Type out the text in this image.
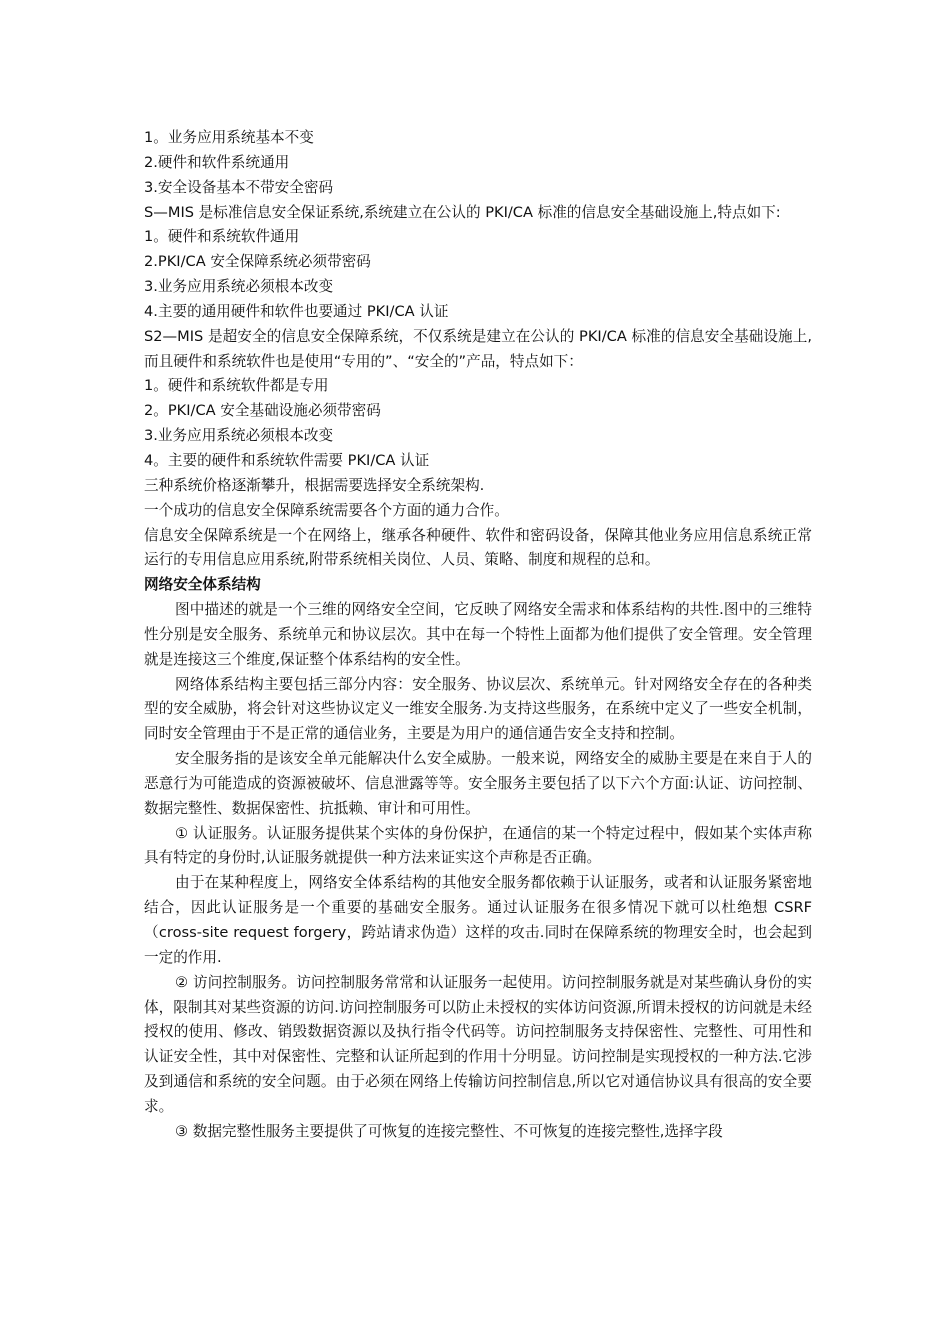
1。业务应用系统基本不变
2.硬件和软件系统通用
3.安全设备基本不带安全密码
S—MIS 是标准信息安全保证系统,系统建立在公认的 PKI/CA 标准的信息安全基础设施上,特点如下:
1。硬件和系统软件通用
2.PKI/CA 安全保障系统必须带密码
3.业务应用系统必须根本改变
4.主要的通用硬件和软件也要通过 PKI/CA 认证
S2—MIS 是超安全的信息安全保障系统，不仅系统是建立在公认的 PKI/CA 标准的信息安全基础设施上,而且硬件和系统软件也是使用“专用的”、“安全的”产品，特点如下：
1。硬件和系统软件都是专用
2。PKI/CA 安全基础设施必须带密码
3.业务应用系统必须根本改变
4。主要的硬件和系统软件需要 PKI/CA 认证
三种系统价格逐渐攀升，根据需要选择安全系统架构.
一个成功的信息安全保障系统需要各个方面的通力合作。
信息安全保障系统是一个在网络上，继承各种硬件、软件和密码设备，保障其他业务应用信息系统正常运行的专用信息应用系统,附带系统相关岗位、人员、策略、制度和规程的总和。
网络安全体系结构
图中描述的就是一个三维的网络安全空间，它反映了网络安全需求和体系结构的共性.图中的三维特性分别是安全服务、系统单元和协议层次。其中在每一个特性上面都为他们提供了安全管理。安全管理就是连接这三个维度,保证整个体系结构的安全性。
网络体系结构主要包括三部分内容：安全服务、协议层次、系统单元。针对网络安全存在的各种类型的安全威胁，将会针对这些协议定义一维安全服务.为支持这些服务，在系统中定义了一些安全机制，同时安全管理由于不是正常的通信业务，主要是为用户的通信通告安全支持和控制。
安全服务指的是该安全单元能解决什么安全威胁。一般来说，网络安全的威胁主要是在来自于人的恶意行为可能造成的资源被破坏、信息泄露等等。安全服务主要包括了以下六个方面:认证、访问控制、数据完整性、数据保密性、抗抵赖、审计和可用性。
① 认证服务。认证服务提供某个实体的身份保护，在通信的某一个特定过程中，假如某个实体声称具有特定的身份时,认证服务就提供一种方法来证实这个声称是否正确。
由于在某种程度上，网络安全体系结构的其他安全服务都依赖于认证服务，或者和认证服务紧密地结合，因此认证服务是一个重要的基础安全服务。通过认证服务在很多情况下就可以杜绝想 CSRF（cross-site request forgery，跨站请求伪造）这样的攻击.同时在保障系统的物理安全时，也会起到一定的作用.
② 访问控制服务。访问控制服务常常和认证服务一起使用。访问控制服务就是对某些确认身份的实体，限制其对某些资源的访问.访问控制服务可以防止未授权的实体访问资源,所谓未授权的访问就是未经授权的使用、修改、销毁数据资源以及执行指令代码等。访问控制服务支持保密性、完整性、可用性和认证安全性，其中对保密性、完整和认证所起到的作用十分明显。访问控制是实现授权的一种方法.它涉及到通信和系统的安全问题。由于必须在网络上传输访问控制信息,所以它对通信协议具有很高的安全要求。
③ 数据完整性服务主要提供了可恢复的连接完整性、不可恢复的连接完整性,选择字段
